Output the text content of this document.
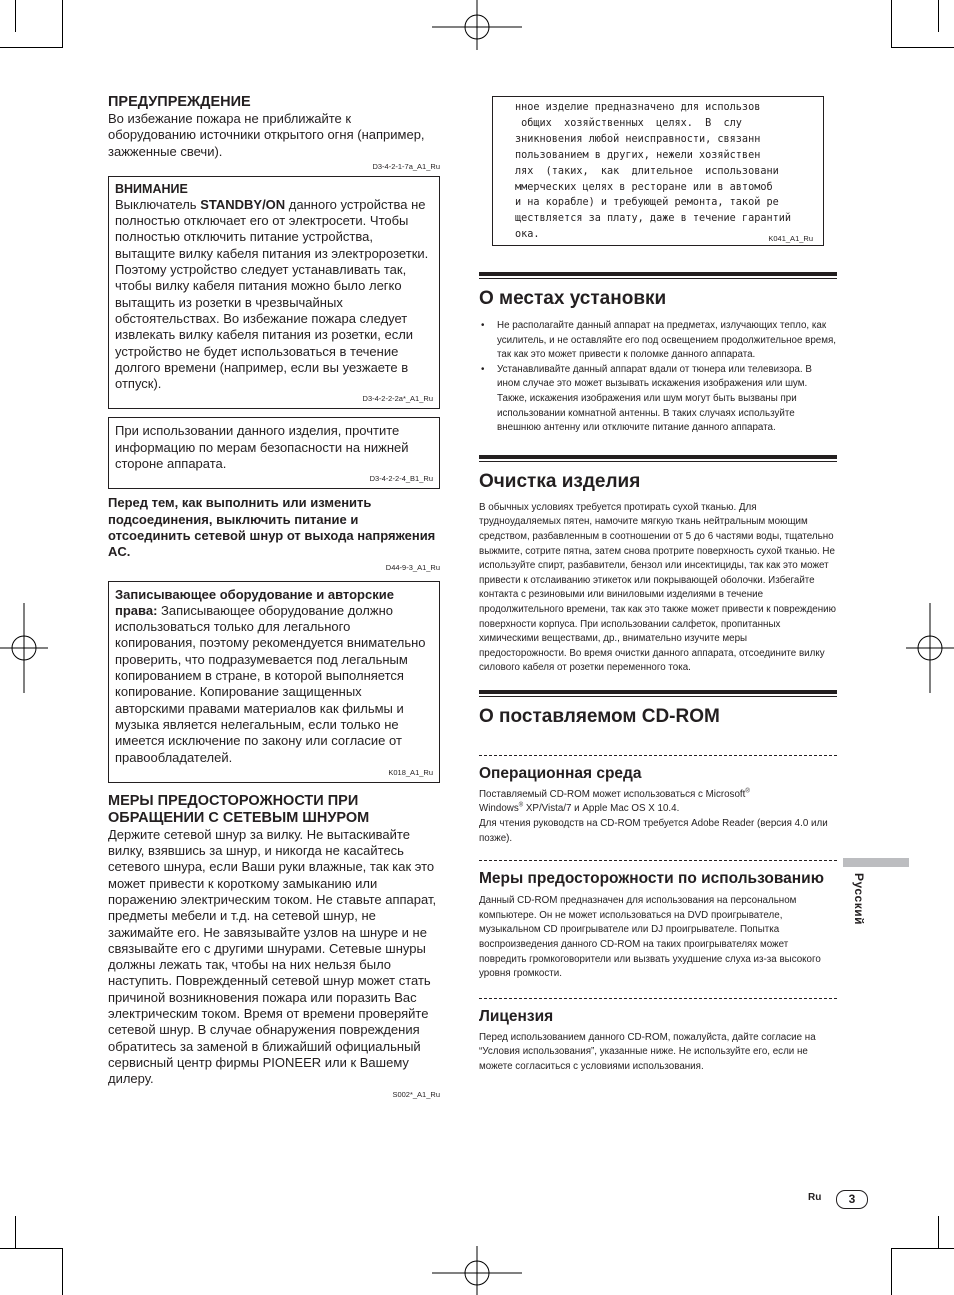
ПРЕДУПРЕЖДЕНИЕ

Во избежание пожара не приближайте к оборудованию источники открытого огня (например, зажженные свечи).

D3-4-2-1-7a_A1_Ru

ВНИМАНИЕ

Выключатель STANDBY/ON данного устройства не полностью отключает его от электросети. Чтобы полностью отключить питание устройства, вытащите вилку кабеля питания из электророзетки. Поэтому устройство следует устанавливать так, чтобы вилку кабеля питания можно было легко вытащить из розетки в чрезвычайных обстоятельствах. Во избежание пожара следует извлекать вилку кабеля питания из розетки, если устройство не будет использоваться в течение долгого времени (например, если вы уезжаете в отпуск).

D3-4-2-2-2a*_A1_Ru

При использовании данного изделия, прочтите информацию по мерам безопасности на нижней стороне аппарата.

D3-4-2-2-4_B1_Ru

Перед тем, как выполнить или изменить подсоединения, выключить питание и отсоединить сетевой шнур от выхода напряжения AC.

D44-9-3_A1_Ru

Записывающее оборудование и авторские права: Записывающее оборудование должно использоваться только для легального копирования, поэтому рекомендуется внимательно проверить, что подразумевается под легальным копированием в стране, в которой выполняется копирование. Копирование защищенных авторскими правами материалов как фильмы и музыка является нелегальным, если только не имеется исключение по закону или согласие от правообладателей.

K018_A1_Ru

МЕРЫ ПРЕДОСТОРОЖНОСТИ ПРИ ОБРАЩЕНИИ С СЕТЕВЫМ ШНУРОМ

Держите сетевой шнур за вилку. Не вытаскивайте вилку, взявшись за шнур, и никогда не касайтесь сетевого шнура, если Ваши руки влажные, так как это может привести к короткому замыканию или поражению электрическим током. Не ставьте аппарат, предметы мебели и т.д. на сетевой шнур, не зажимайте его. Не завязывайте узлов на шнуре и не связывайте его с другими шнурами. Сетевые шнуры должны лежать так, чтобы на них нельзя было наступить. Поврежденный сетевой шнур может стать причиной возникновения пожара или поразить Вас электрическим током. Время от времени проверяйте сетевой шнур. В случае обнаружения повреждения обратитесь за заменой в ближайший официальный сервисный центр фирмы PIONEER или к Вашему дилеру.

S002*_A1_Ru

нное изделие предназначено для использов
общих  хозяйственных  целях.  В  слу
зникновения любой неисправности, связанн
пользованием в других, нежели хозяйствен
лях  (таких,  как  длительное  использовани
ммерческих целях в ресторане или в автомоб
и на корабле) и требующей ремонта, такой ре
ществляется за плату, даже в течение гарантий
ока.	K041_A1_Ru
О местах установки

• Не располагайте данный аппарат на предметах, излучающих тепло, как усилитель, и не оставляйте его под освещением продолжительное время, так как это может привести к поломке данного аппарата.

• Устанавливайте данный аппарат вдали от тюнера или телевизора. В ином случае это может вызывать искажения изображения или шум. Также, искажения изображения или шум могут быть вызваны при использовании комнатной антенны. В таких случаях используйте внешнюю антенну или отключите питание данного аппарата.

Очистка изделия

В обычных условиях требуется протирать сухой тканью. Для труднoудаляемых пятен, намочите мягкую ткань нейтральным моющим средством, разбавленным в соотношении от 5 до 6 частями воды, тщательно выжмите, сотрите пятна, затем снова протрите поверхность сухой тканью. Не используйте спирт, разбавители, бензол или инсектициды, так как это может привести к отслаиванию этикеток или покрывающей оболочки. Избегайте контакта с резиновыми или виниловыми изделиями в течение продолжительного времени, так как это также может привести к повреждению поверхности корпуса. При использовании салфеток, пропитанных химическими веществами, др., внимательно изучите меры предосторожности. Во время очистки данного аппарата, отсоедините вилку силового кабеля от розетки переменного тока.

О поставляемом CD-ROM
Операционная среда

Поставляемый CD-ROM может использоваться с Microsoft®
Windows® XP/Vista/7 и Apple Mac OS X 10.4.
Для чтения руководств на CD-ROM требуется Adobe Reader (версия 4.0 или позже).

Меры предосторожности по использованию

Данный CD-ROM предназначен для использования на персональном компьютере. Он не может использоваться на DVD проигрывателе, музыкальном CD проигрывателе или DJ проигрывателе. Попытка воспроизведения данного CD-ROM на таких проигрывателях может повредить громкоговорители или вызвать ухудшение слуха из-за высокого уровня громкости.

Лицензия

Перед использованием данного CD-ROM, пожалуйста, дайте согласие на “Условия использования”, указанные ниже. Не используйте его, если не можете согласиться с условиями использования.

Русский
Ru	3
